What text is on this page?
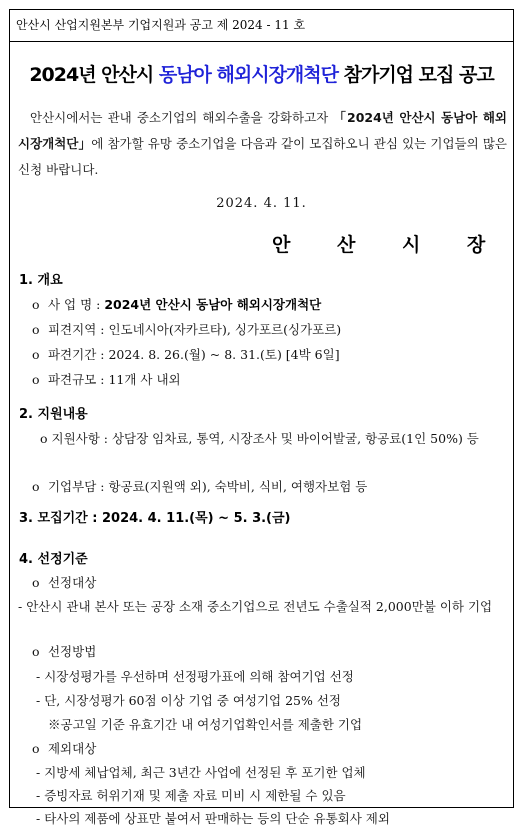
안산시 산업지원본부 기업지원과 공고 제 2024 - 11 호
2024년 안산시 동남아 해외시장개척단 참가기업 모집 공고
안산시에서는 관내 중소기업의 해외수출을 강화하고자 「2024년 안산시 동남아 해외시장개척단」에 참가할 유망 중소기업을 다음과 같이 모집하오니 관심 있는 기업들의 많은 신청 바랍니다.
2024. 4. 11.
안 산 시 장
1. 개요
o 사 업 명 : 2024년 안산시 동남아 해외시장개척단
o 피견지역 : 인도네시아(자카르타), 싱가포르(싱가포르)
o 파견기간 : 2024. 8. 26.(월) ~ 8. 31.(토) [4박 6일]
o 파견규모 : 11개 사 내외
2. 지원내용
o 지원사항 : 상담장 임차료, 통역, 시장조사 및 바이어발굴, 항공료(1인 50%) 등
o 기업부담 : 항공료(지원액 외), 숙박비, 식비, 여행자보험 등
3. 모집기간 : 2024. 4. 11.(목) ~ 5. 3.(금)
4. 선정기준
o 선정대상
- 안산시 관내 본사 또는 공장 소재 중소기업으로 전년도 수출실적 2,000만불 이하 기업
o 선정방법
- 시장성평가를 우선하며 선정평가표에 의해 참여기업 선정
- 단, 시장성평가 60점 이상 기업 중 여성기업 25% 선정
※공고일 기준 유효기간 내 여성기업확인서를 제출한 기업
o 제외대상
- 지방세 체납업체, 최근 3년간 사업에 선정된 후 포기한 업체
- 증빙자료 허위기재 및 제출 자료 미비 시 제한될 수 있음
- 타사의 제품에 상표만 붙여서 판매하는 등의 단순 유통회사 제외
